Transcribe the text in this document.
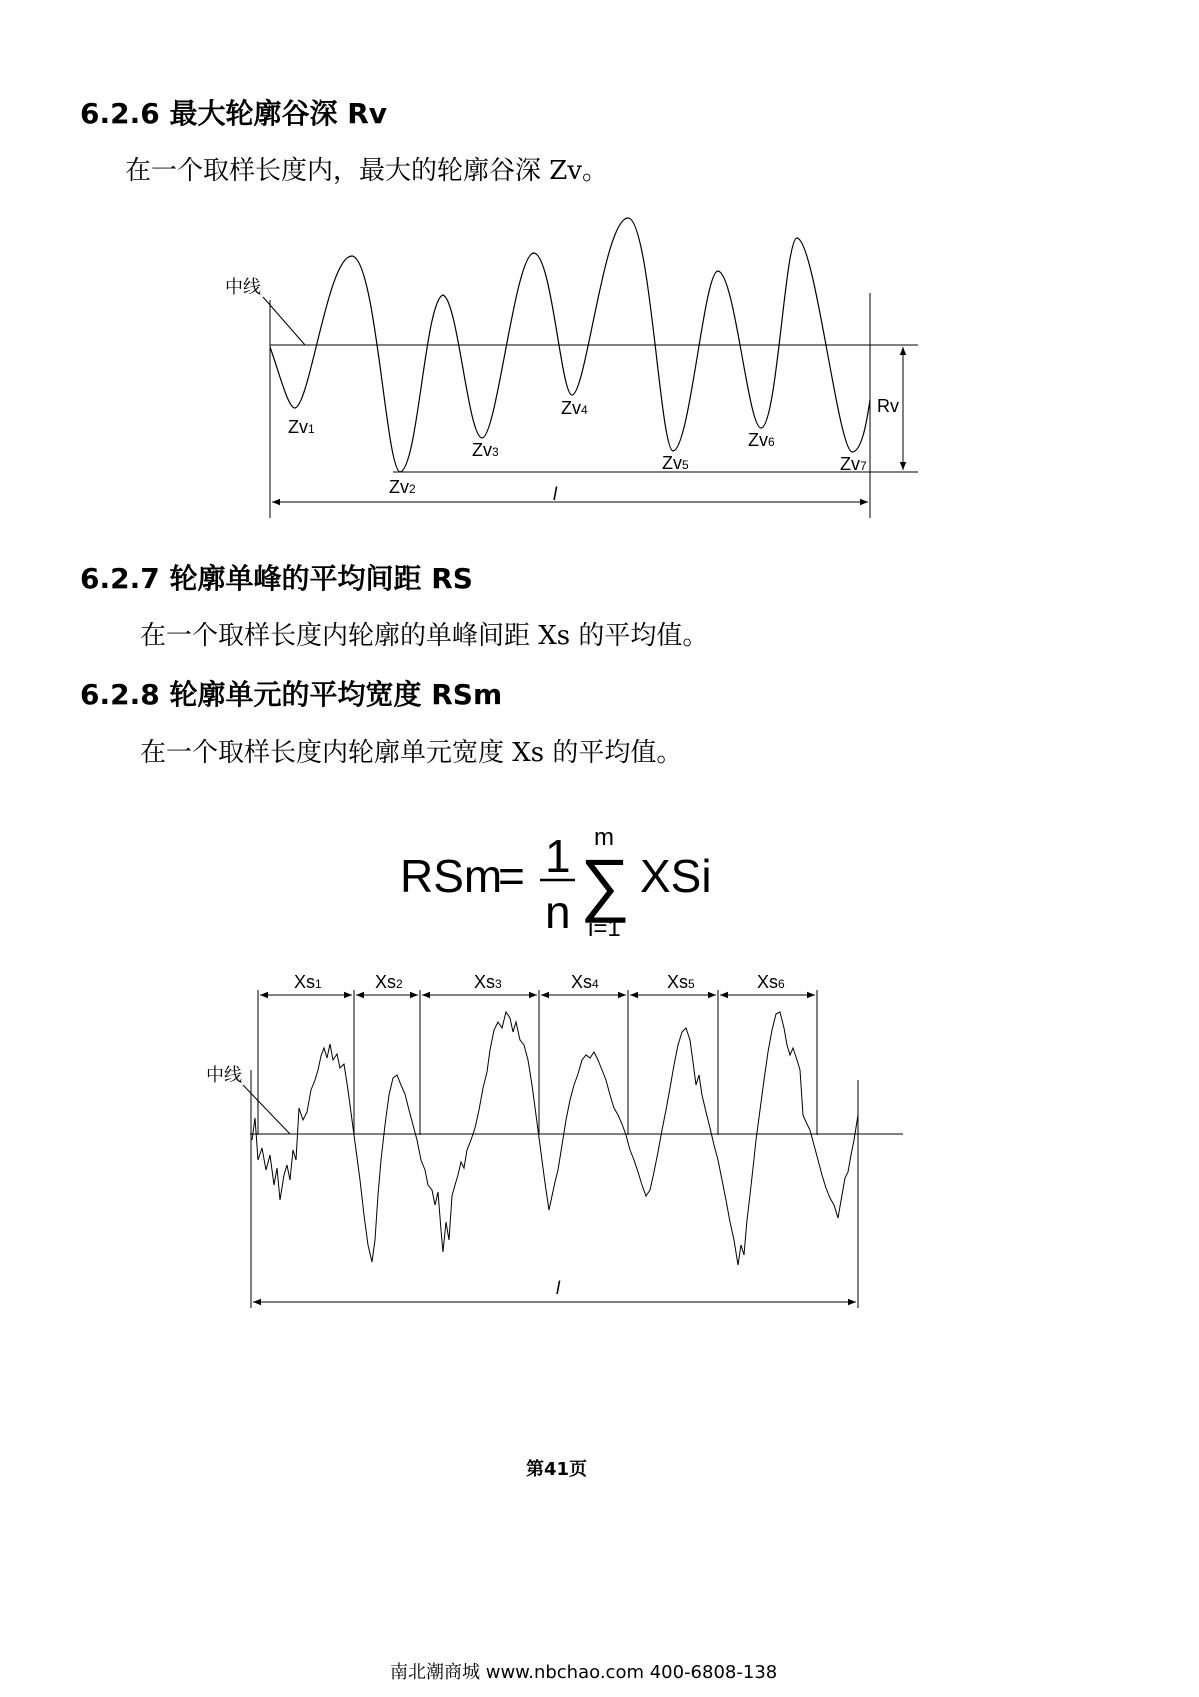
6.2.6 最大轮廓谷深 Rv
在一个取样长度内，最大的轮廓谷深 Zv。
中线
Rv
l
Zv1
Zv2
Zv3
Zv4
Zv5
Zv6
Zv7
6.2.7 轮廓单峰的平均间距 RS
在一个取样长度内轮廓的单峰间距 Xs 的平均值。
6.2.8 轮廓单元的平均宽度 RSm
在一个取样长度内轮廓单元宽度 Xs 的平均值。
RSm
= 1
n
m
∑
i=1
XSi
中线
l
Xs1	Xs2	Xs3	Xs4	Xs5	Xs6
第41页
南北潮商城 www.nbchao.com 400-6808-138
